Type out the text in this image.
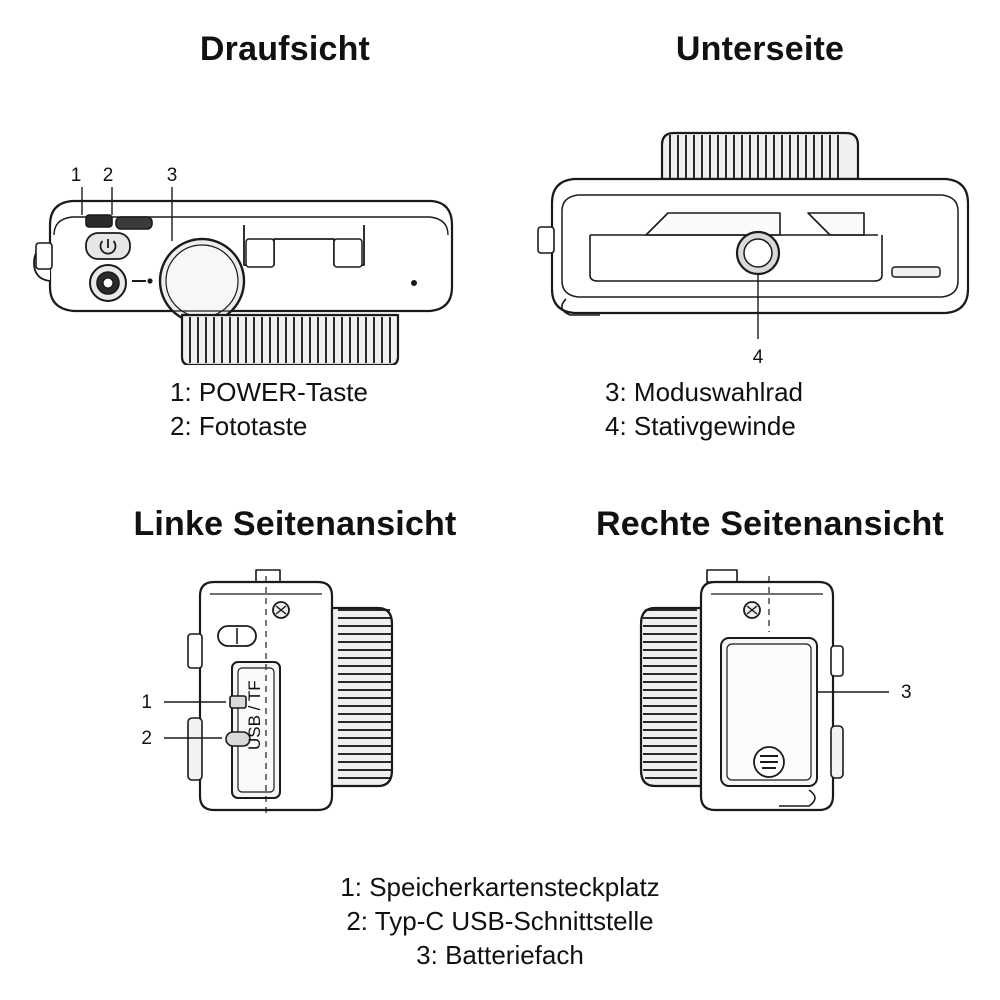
Draufsicht
1 2	3
1: POWER-Taste
2: Fototaste
Unterseite
4
3: Moduswahlrad
4: Stativgewinde
Linke Seitenansicht
1
2	USB / TF
Rechte Seitenansicht
3
1: Speicherkartensteckplatz
2: Typ-C USB-Schnittstelle
3: Batteriefach
